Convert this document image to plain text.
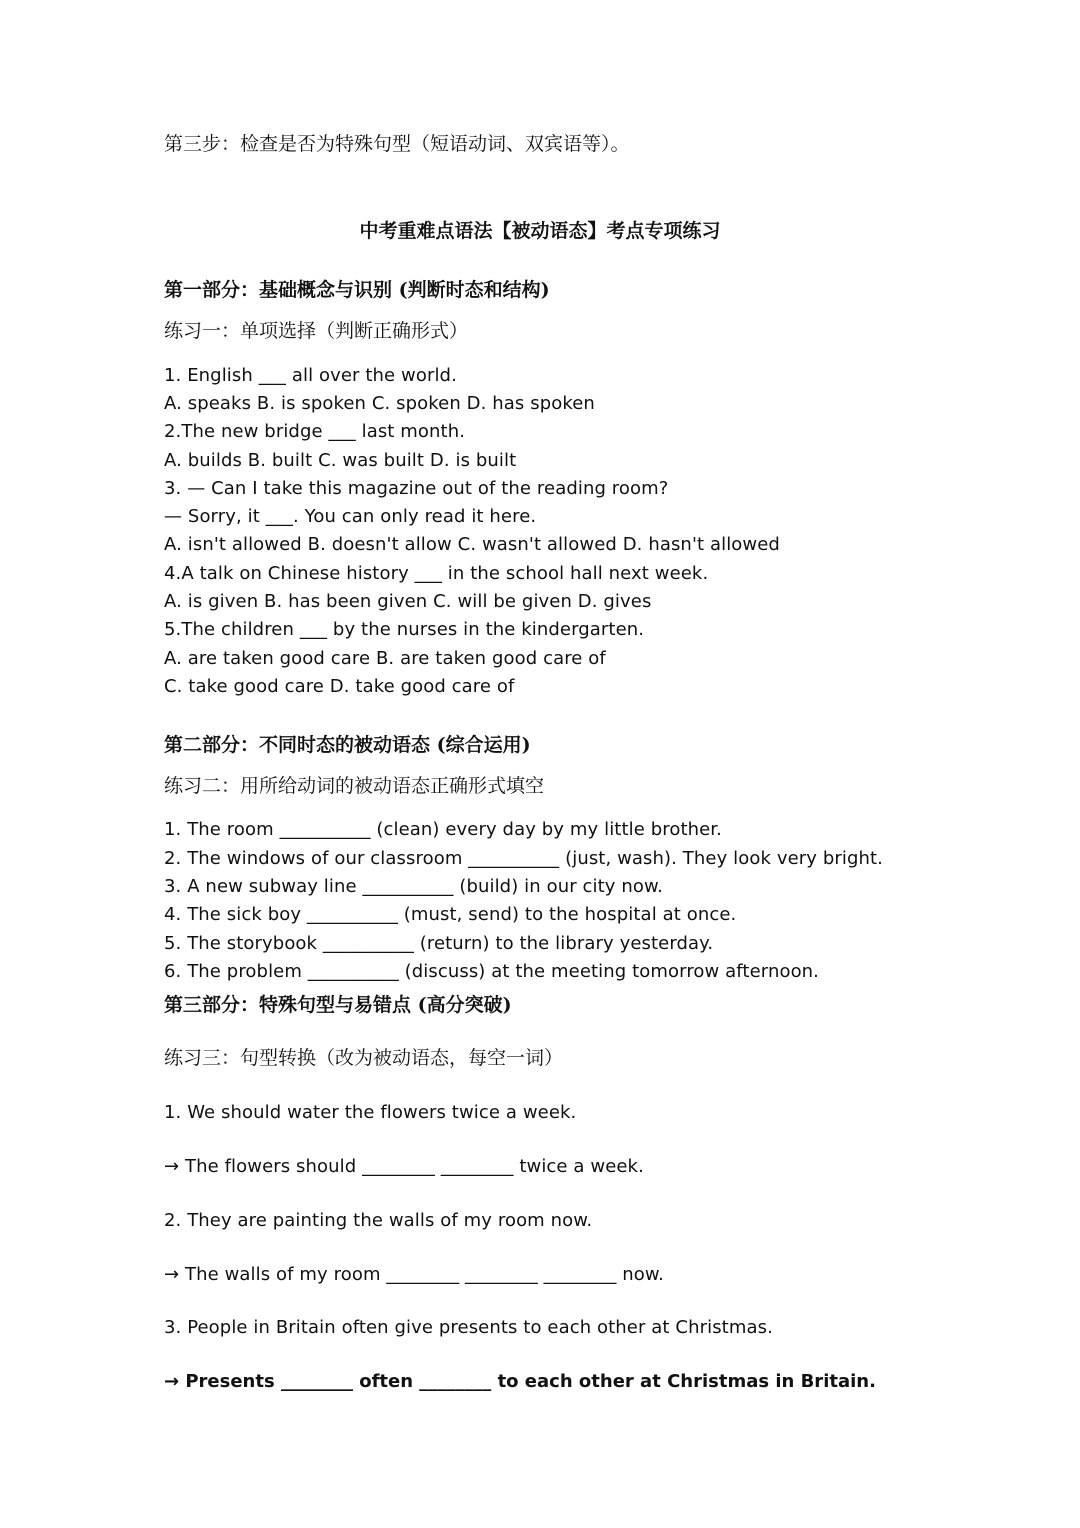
第三步：检查是否为特殊句型（短语动词、双宾语等）。
中考重难点语法【被动语态】考点专项练习
第一部分：基础概念与识别 (判断时态和结构)
练习一：单项选择（判断正确形式）
1. English ___ all over the world.
A. speaks B. is spoken C. spoken D. has spoken
2.The new bridge ___ last month.
A. builds B. built C. was built D. is built
3. — Can I take this magazine out of the reading room?
— Sorry, it ___. You can only read it here.
A. isn't allowed B. doesn't allow C. wasn't allowed D. hasn't allowed
4.A talk on Chinese history ___ in the school hall next week.
A. is given B. has been given C. will be given D. gives
5.The children ___ by the nurses in the kindergarten.
A. are taken good care B. are taken good care of
C. take good care D. take good care of
第二部分：不同时态的被动语态 (综合运用)
练习二：用所给动词的被动语态正确形式填空
1. The room __________ (clean) every day by my little brother.
2. The windows of our classroom __________ (just, wash). They look very bright.
3. A new subway line __________ (build) in our city now.
4. The sick boy __________ (must, send) to the hospital at once.
5. The storybook __________ (return) to the library yesterday.
6. The problem __________ (discuss) at the meeting tomorrow afternoon.
第三部分：特殊句型与易错点 (高分突破)
练习三：句型转换（改为被动语态，每空一词）
1. We should water the flowers twice a week.
→ The flowers should ________ ________ twice a week.
2. They are painting the walls of my room now.
→ The walls of my room ________ ________ ________ now.
3. People in Britain often give presents to each other at Christmas.
→ Presents ________ often ________ to each other at Christmas in Britain.
